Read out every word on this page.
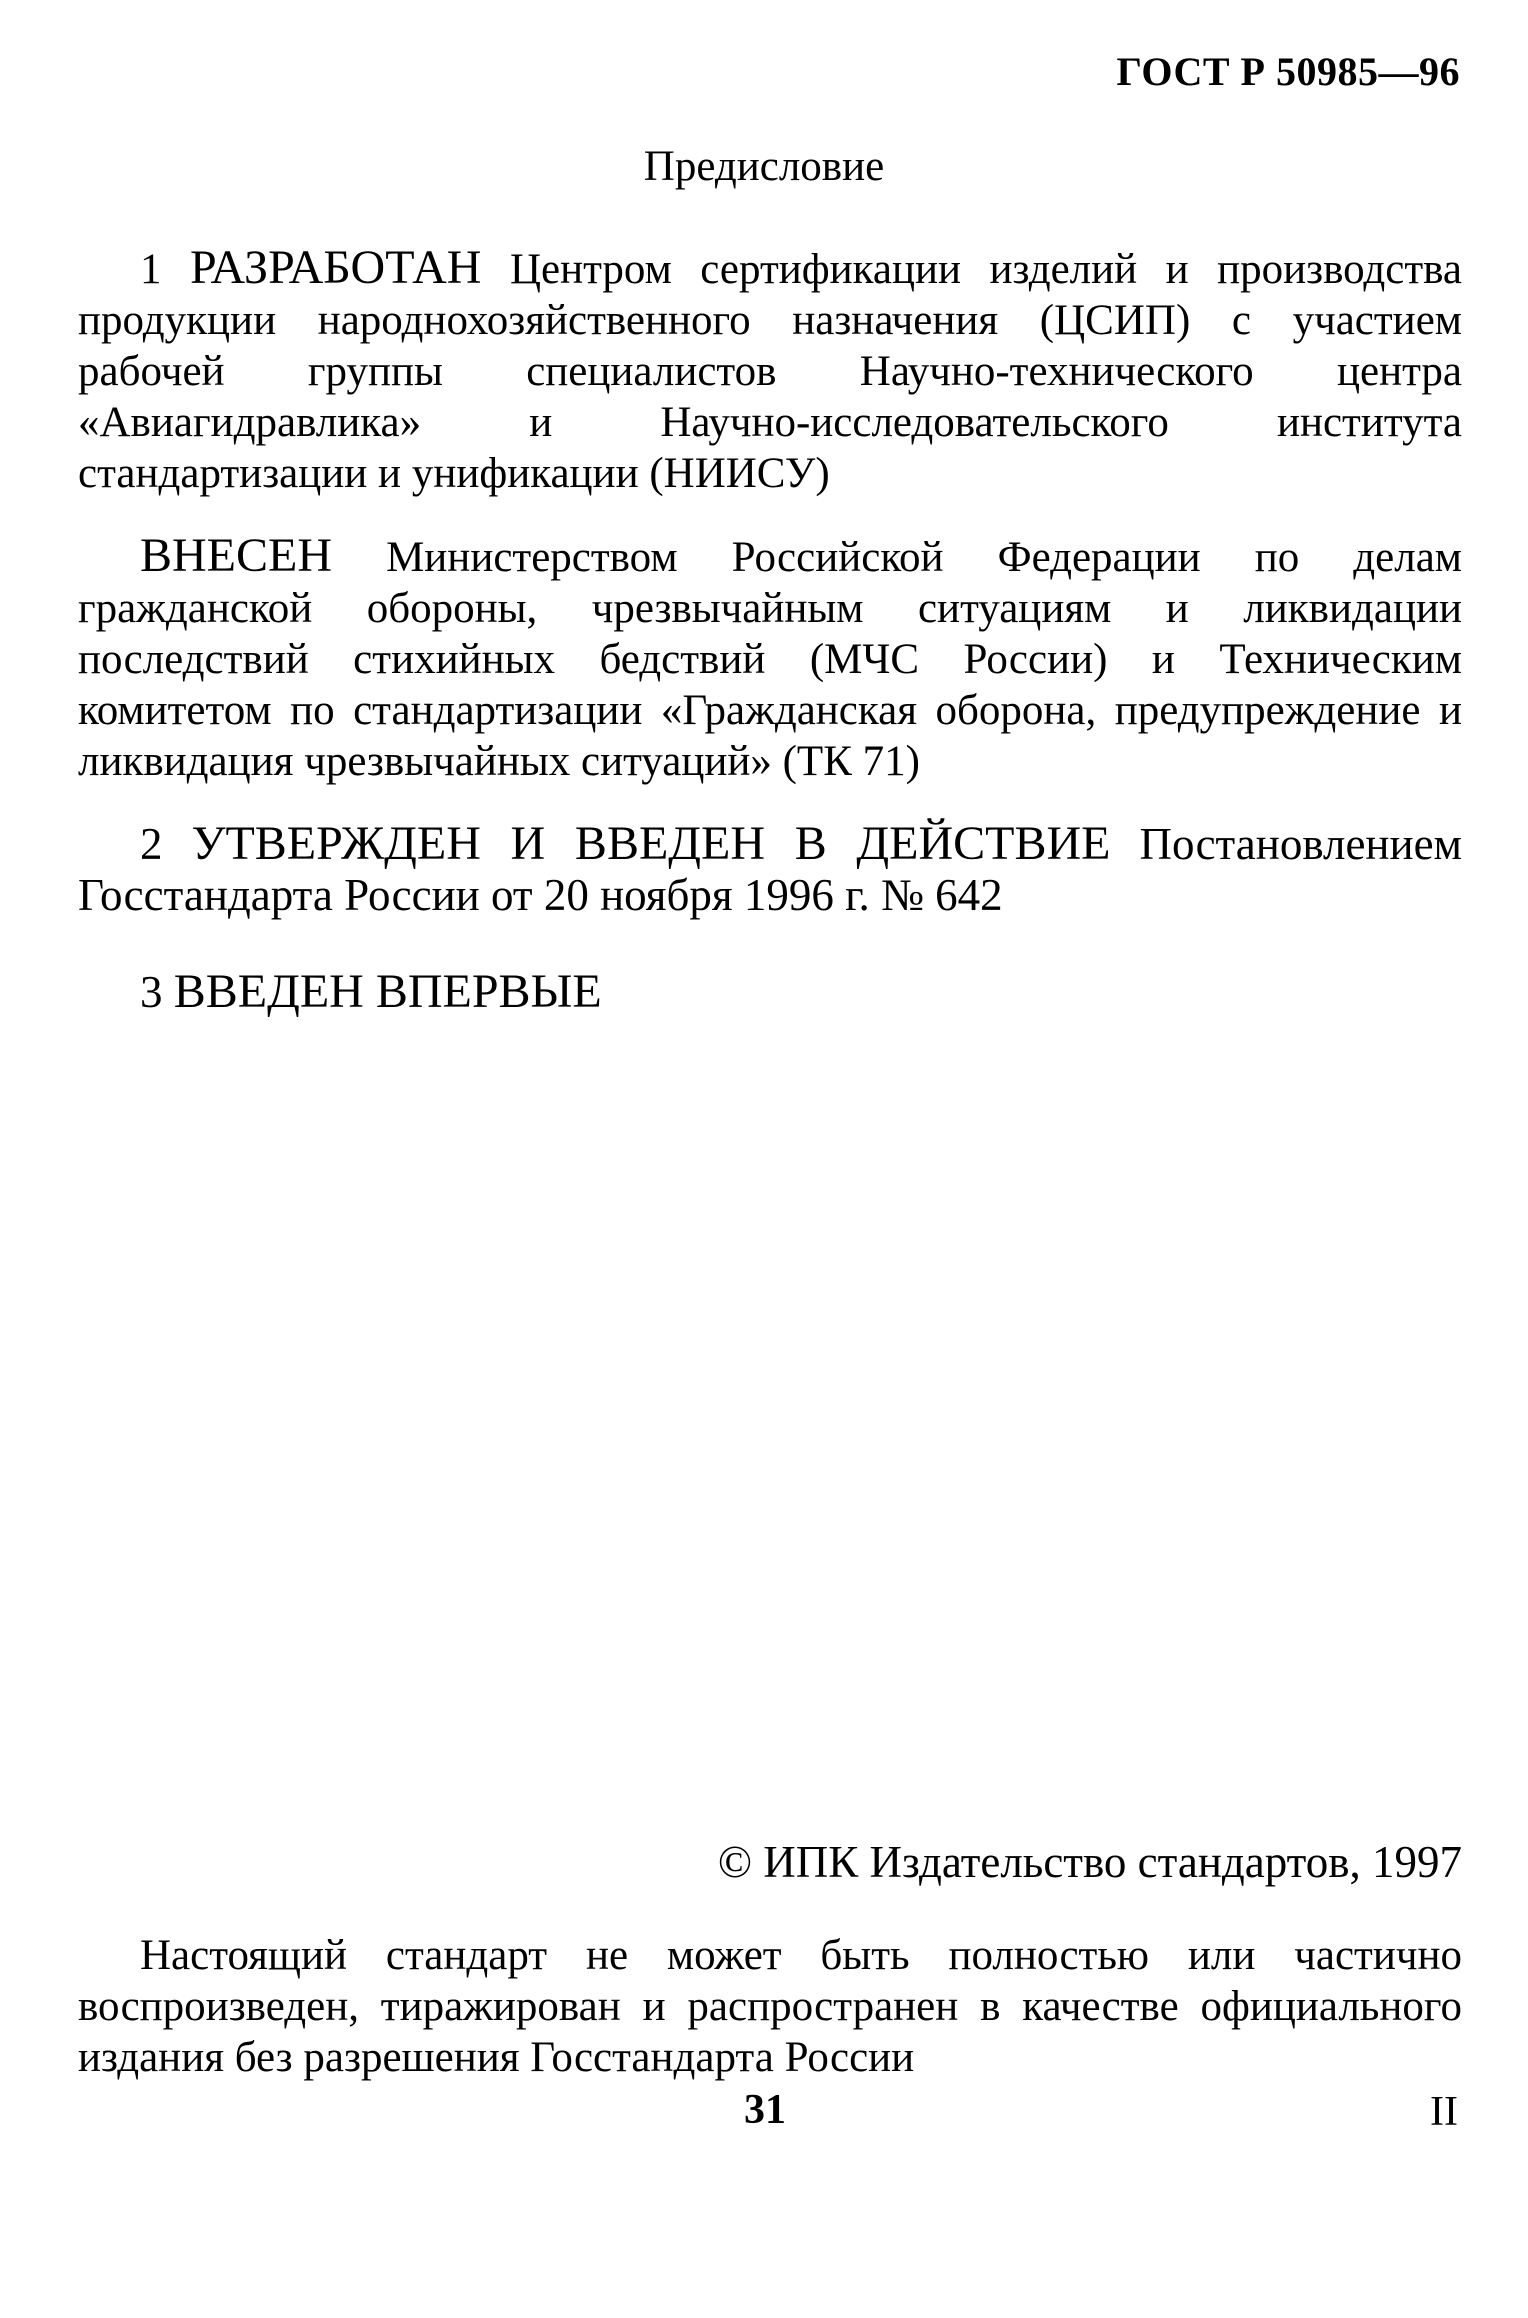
ГОСТ Р 50985—96
Предисловие
1 РАЗРАБОТАН Центром сертификации изделий и производства продукции народнохозяйственного назначения (ЦСИП) с участием рабочей группы специалистов Научно-технического центра «Авиагидравлика» и Научно-исследовательского института стандартизации и унификации (НИИСУ)
ВНЕСЕН Министерством Российской Федерации по делам гражданской обороны, чрезвычайным ситуациям и ликвидации последствий стихийных бедствий (МЧС России) и Техническим комитетом по стандартизации «Гражданская оборона, предупреждение и ликвидация чрезвычайных ситуаций» (ТК 71)
2 УТВЕРЖДЕН И ВВЕДЕН В ДЕЙСТВИЕ Постановлением Госстандарта России от 20 ноября 1996 г. № 642
3 ВВЕДЕН ВПЕРВЫЕ
© ИПК Издательство стандартов, 1997
Настоящий стандарт не может быть полностью или частично воспроизведен, тиражирован и распространен в качестве официального издания без разрешения Госстандарта России
31	II
